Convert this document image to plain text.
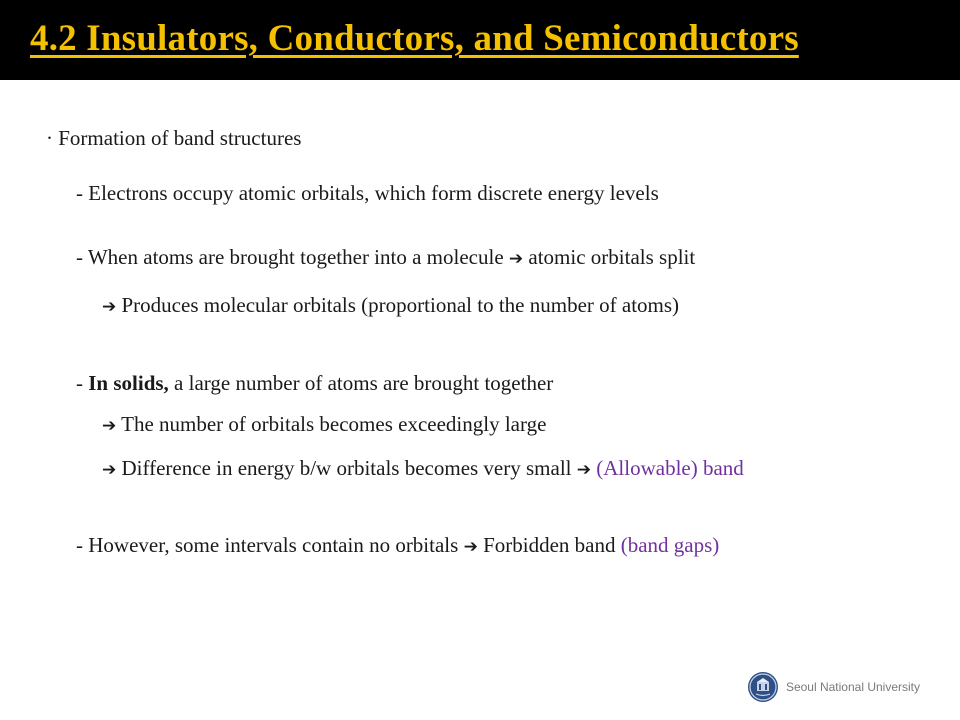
4.2 Insulators, Conductors, and Semiconductors
· Formation of band structures
- Electrons occupy atomic orbitals, which form discrete energy levels
- When atoms are brought together into a molecule ➔ atomic orbitals split
➔ Produces molecular orbitals (proportional to the number of atoms)
- In solids, a large number of atoms are brought together
➔ The number of orbitals becomes exceedingly large
➔ Difference in energy b/w orbitals becomes very small ➔ (Allowable) band
- However, some intervals contain no orbitals ➔ Forbidden band (band gaps)
Seoul National University
